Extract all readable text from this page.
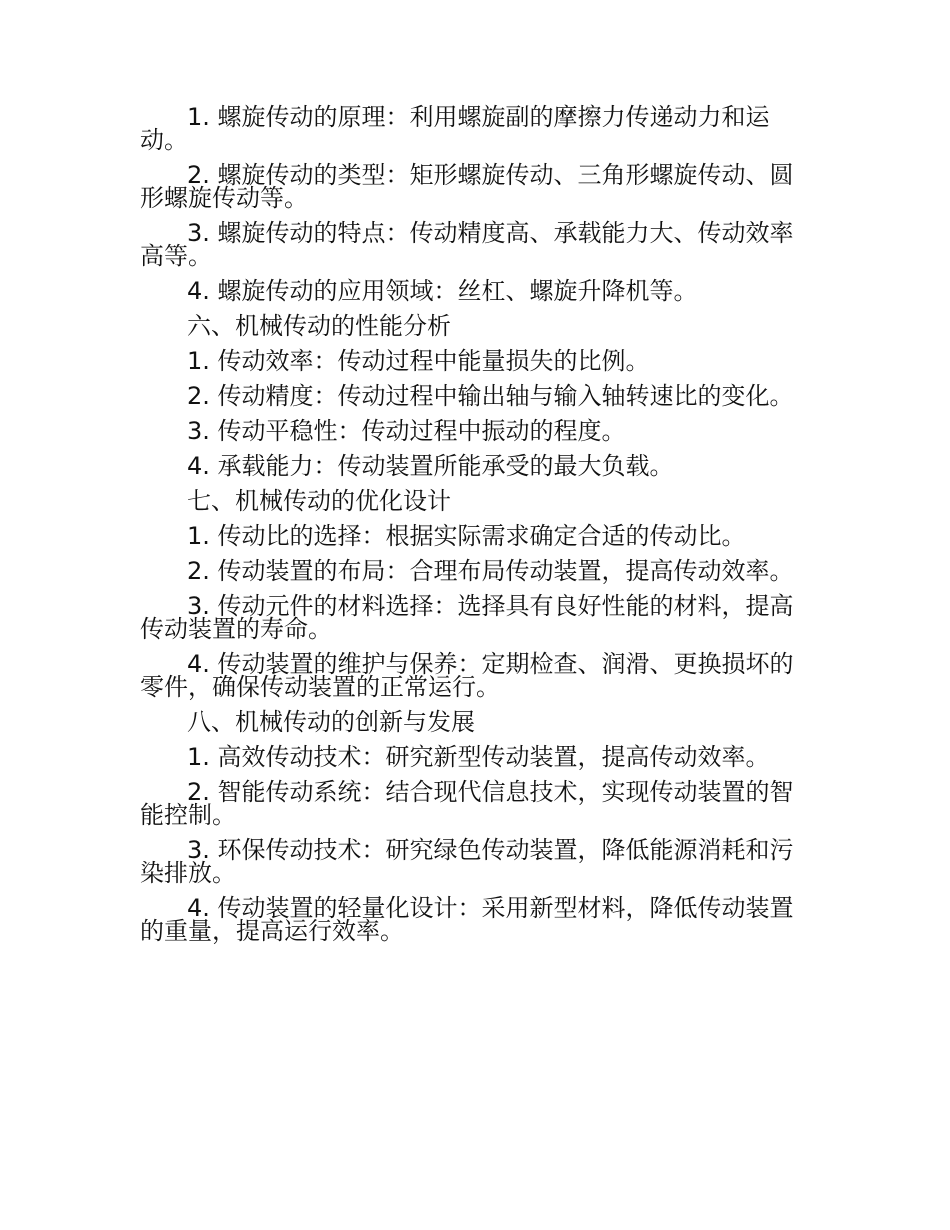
1. 螺旋传动的原理：利用螺旋副的摩擦力传递动力和运动。

2. 螺旋传动的类型：矩形螺旋传动、三角形螺旋传动、圆形螺旋传动等。

3. 螺旋传动的特点：传动精度高、承载能力大、传动效率高等。

4. 螺旋传动的应用领域：丝杠、螺旋升降机等。

六、机械传动的性能分析

1. 传动效率：传动过程中能量损失的比例。

2. 传动精度：传动过程中输出轴与输入轴转速比的变化。

3. 传动平稳性：传动过程中振动的程度。

4. 承载能力：传动装置所能承受的最大负载。

七、机械传动的优化设计

1. 传动比的选择：根据实际需求确定合适的传动比。

2. 传动装置的布局：合理布局传动装置，提高传动效率。

3. 传动元件的材料选择：选择具有良好性能的材料，提高传动装置的寿命。

4. 传动装置的维护与保养：定期检查、润滑、更换损坏的零件，确保传动装置的正常运行。

八、机械传动的创新与发展

1. 高效传动技术：研究新型传动装置，提高传动效率。

2. 智能传动系统：结合现代信息技术，实现传动装置的智能控制。

3. 环保传动技术：研究绿色传动装置，降低能源消耗和污染排放。

4. 传动装置的轻量化设计：采用新型材料，降低传动装置的重量，提高运行效率。
